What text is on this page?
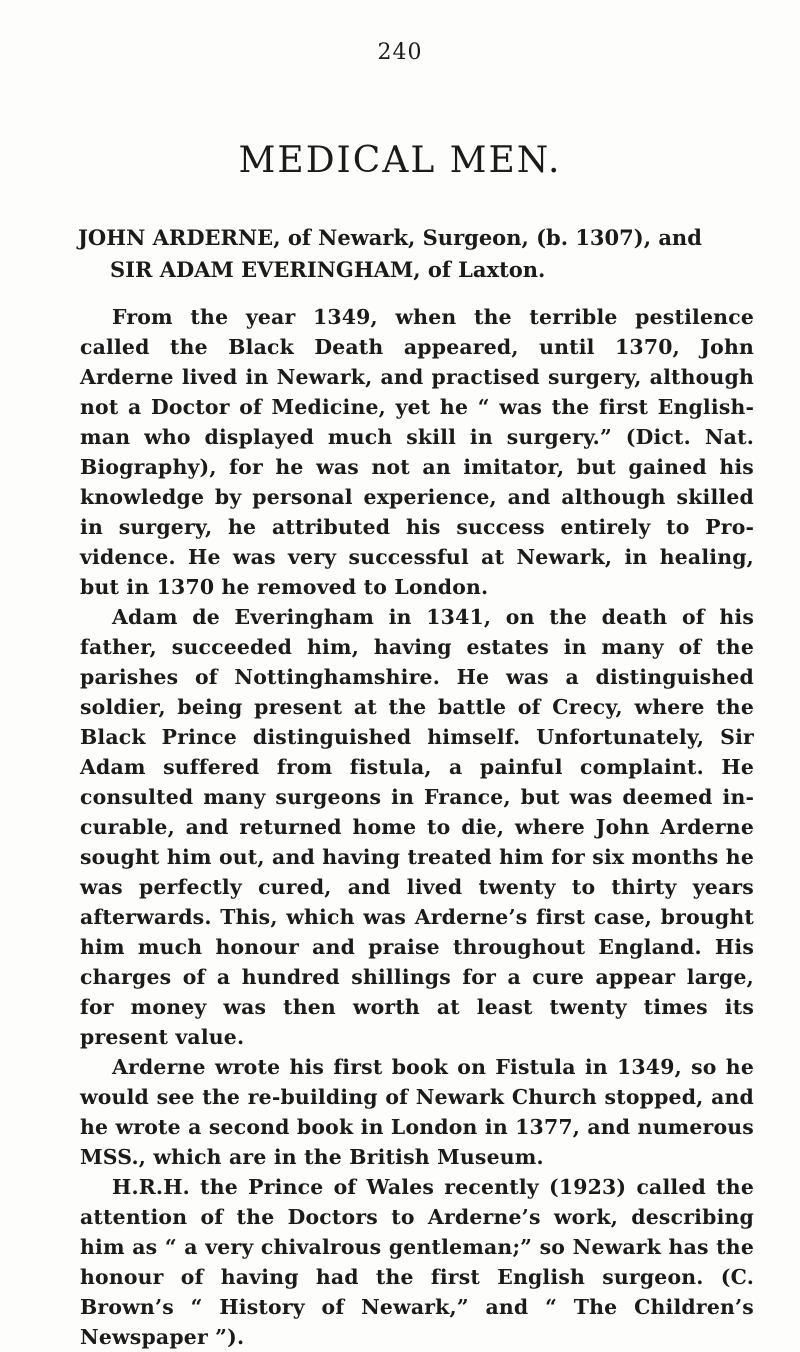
240
MEDICAL MEN.

JOHN ARDERNE, of Newark, Surgeon, (b. 1307), and
SIR ADAM EVERINGHAM, of Laxton.

From the year 1349, when the terrible pestilence called the Black Death appeared, until 1370, John Arderne lived in Newark, and practised surgery, although not a Doctor of Medicine, yet he “ was the first Englishman who displayed much skill in surgery.” (Dict. Nat. Biography), for he was not an imitator, but gained his knowledge by personal experience, and although skilled in surgery, he attributed his success entirely to Providence. He was very successful at Newark, in healing, but in 1370 he removed to London.

Adam de Everingham in 1341, on the death of his father, succeeded him, having estates in many of the parishes of Nottinghamshire. He was a distinguished soldier, being present at the battle of Crecy, where the Black Prince distinguished himself. Unfortunately, Sir Adam suffered from fistula, a painful complaint. He consulted many surgeons in France, but was deemed incurable, and returned home to die, where John Arderne sought him out, and having treated him for six months he was perfectly cured, and lived twenty to thirty years afterwards. This, which was Arderne’s first case, brought him much honour and praise throughout England. His charges of a hundred shillings for a cure appear large, for money was then worth at least twenty times its present value.

Arderne wrote his first book on Fistula in 1349, so he would see the re-building of Newark Church stopped, and he wrote a second book in London in 1377, and numerous MSS., which are in the British Museum.

H.R.H. the Prince of Wales recently (1923) called the attention of the Doctors to Arderne’s work, describing him as “ a very chivalrous gentleman;” so Newark has the honour of having had the first English surgeon. (C. Brown’s “ History of Newark,” and “ The Children’s Newspaper ”).
